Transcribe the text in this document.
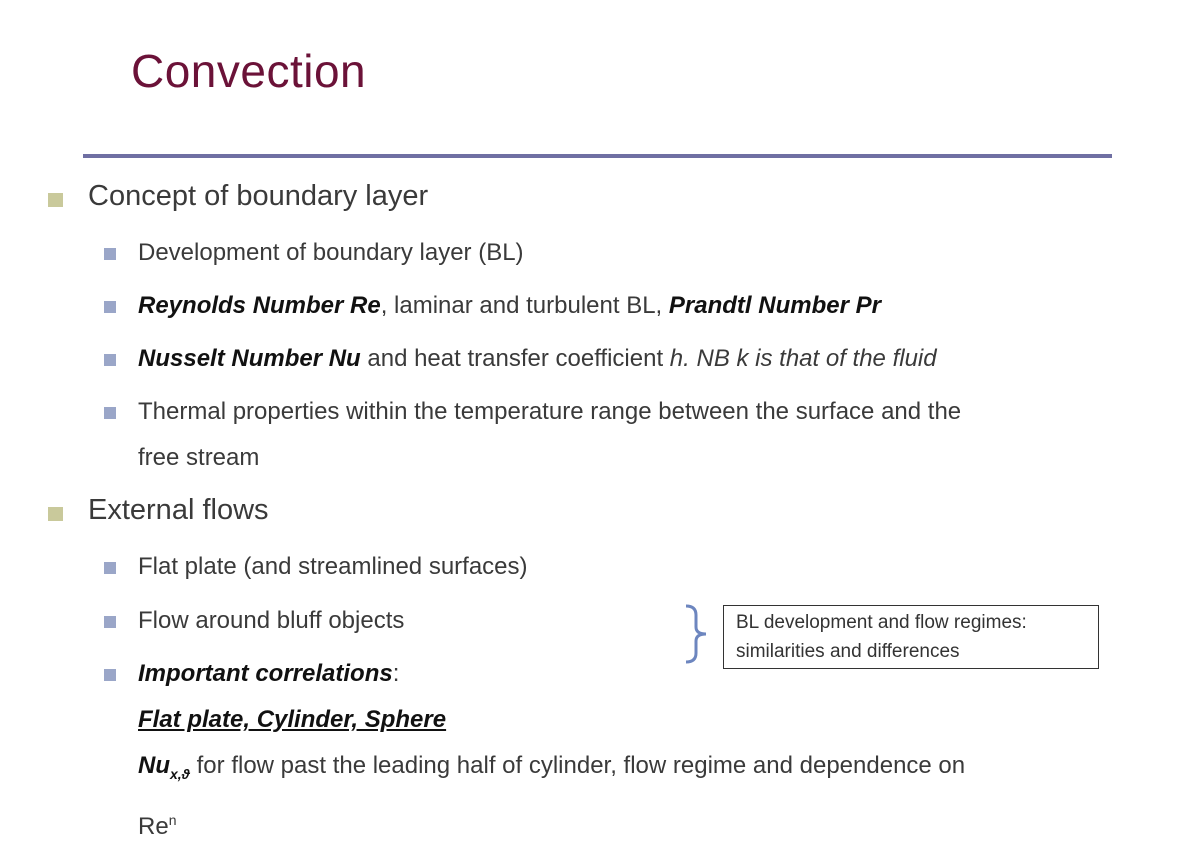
Convection
Concept of boundary layer
Development of boundary layer (BL)
Reynolds Number Re, laminar and turbulent BL, Prandtl Number Pr
Nusselt Number Nu and heat transfer coefficient h. NB k is that of the fluid
Thermal properties within the temperature range between the surface and the
free stream
External flows
Flat plate (and streamlined surfaces)
Flow around bluff objects
Important correlations:
Flat plate, Cylinder, Sphere
$Nu_{x,ϑ}$ for flow past the leading half of cylinder, flow regime and dependence on
Re$^n$
BL development and flow regimes:
similarities and differences
